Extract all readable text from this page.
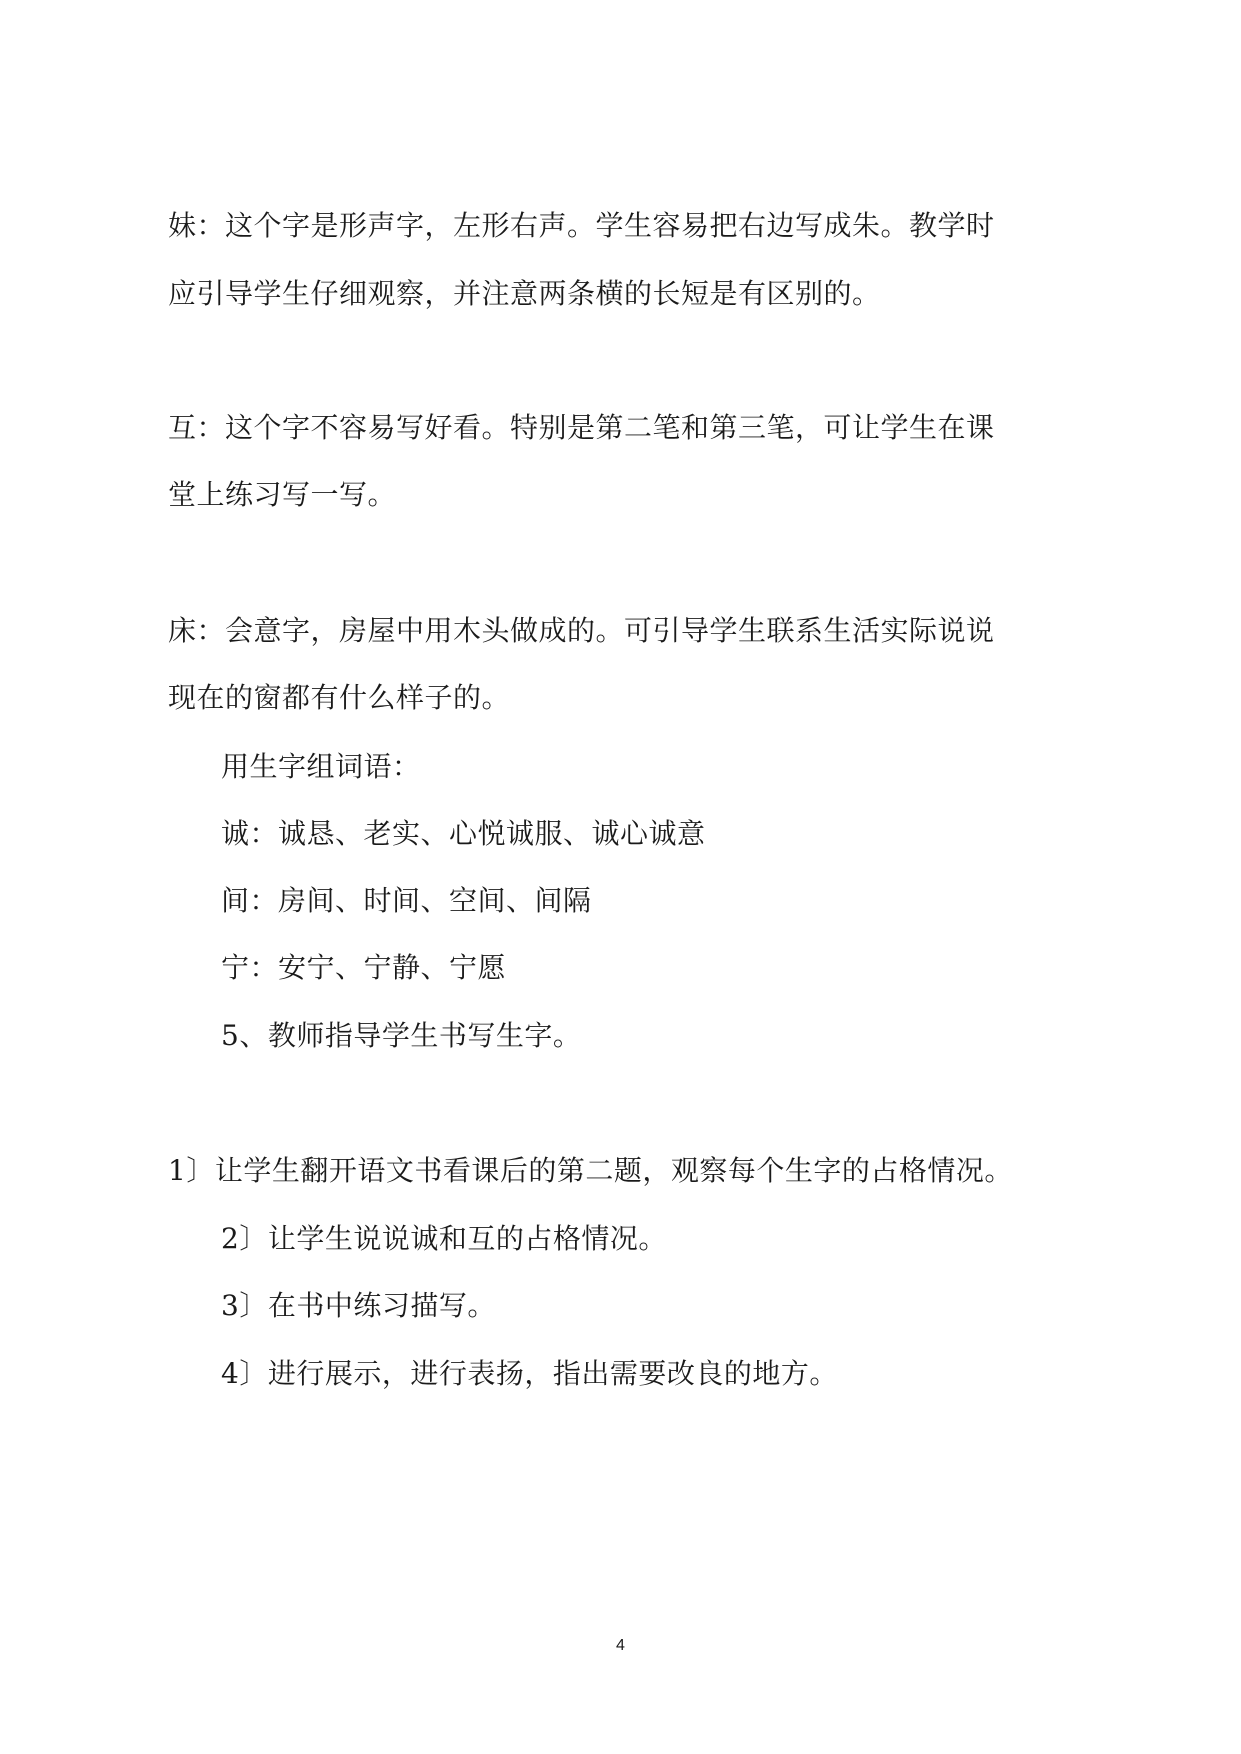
妹：这个字是形声字，左形右声。学生容易把右边写成朱。教学时
应引导学生仔细观察，并注意两条横的长短是有区别的。
互：这个字不容易写好看。特别是第二笔和第三笔，可让学生在课
堂上练习写一写。
床：会意字，房屋中用木头做成的。可引导学生联系生活实际说说
现在的窗都有什么样子的。
用生字组词语：
诚：诚恳、老实、心悦诚服、诚心诚意
间：房间、时间、空间、间隔
宁：安宁、宁静、宁愿
5、教师指导学生书写生字。
1〕让学生翻开语文书看课后的第二题，观察每个生字的占格情况。
2〕让学生说说诚和互的占格情况。
3〕在书中练习描写。
4〕进行展示，进行表扬，指出需要改良的地方。
4
